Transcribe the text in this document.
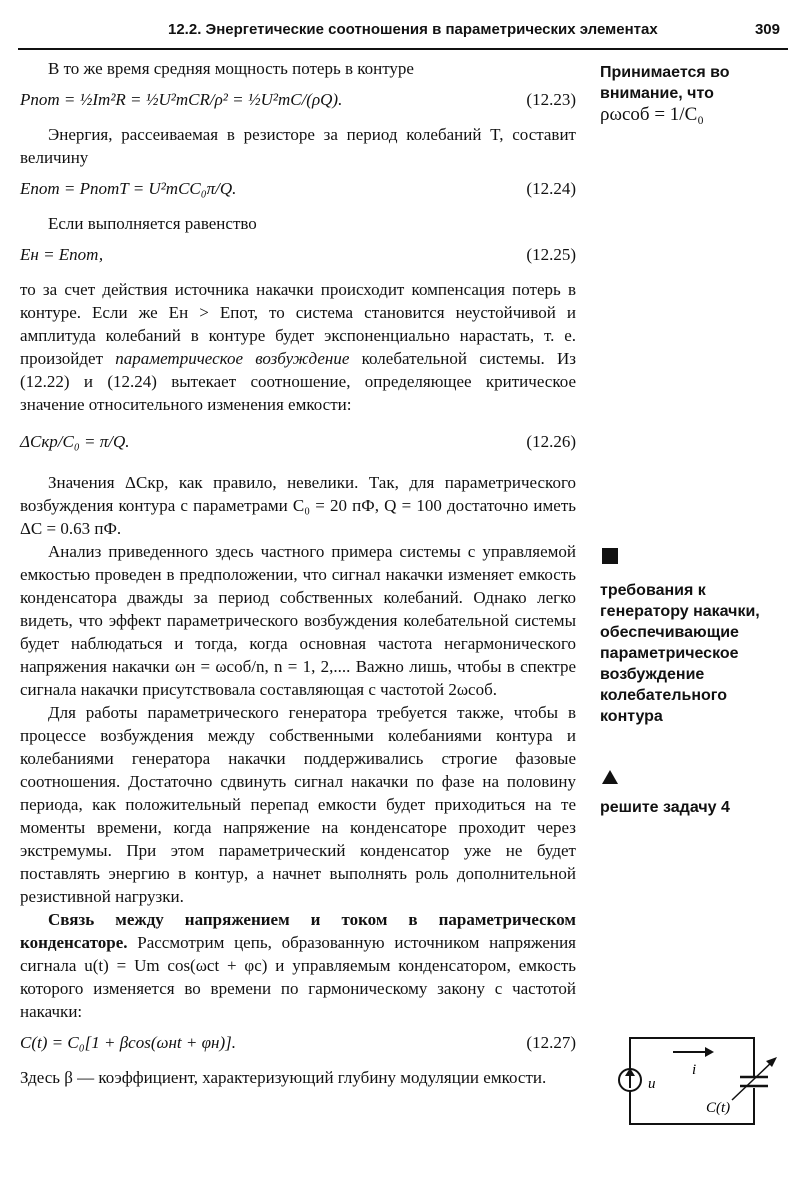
12.2. Энергетические соотношения в параметрических элементах	309

В то же время средняя мощность потерь в контуре

Pпот = ½Im²R = ½U²mCR/ρ² = ½U²mC/(ρQ).	(12.23)

Энергия, рассеиваемая в резисторе за период колебаний T, составит величину

Eпот = PпотT = U²mCC₀π/Q.	(12.24)

Если выполняется равенство

Eн = Eпот,	(12.25)

то за счет действия источника накачки происходит компенсация потерь в контуре. Если же Eн > Eпот, то система становится неустойчивой и амплитуда колебаний в контуре будет экспоненциально нарастать, т. е. произойдет параметрическое возбуждение колебательной системы. Из (12.22) и (12.24) вытекает соотношение, определяющее критическое значение относительного изменения емкости:

ΔCкр/C₀ = π/Q.	(12.26)

Значения ΔCкр, как правило, невелики. Так, для параметрического возбуждения контура с параметрами C₀ = 20 пФ, Q = 100 достаточно иметь ΔC = 0.63 пФ.

Анализ приведенного здесь частного примера системы с управляемой емкостью проведен в предположении, что сигнал накачки изменяет емкость конденсатора дважды за период собственных колебаний. Однако легко видеть, что эффект параметрического возбуждения колебательной системы будет наблюдаться и тогда, когда основная частота негармонического напряжения накачки ωн = ωсоб/n, n = 1, 2,.... Важно лишь, чтобы в спектре сигнала накачки присутствовала составляющая с частотой 2ωсоб.

Для работы параметрического генератора требуется также, чтобы в процессе возбуждения между собственными колебаниями контура и колебаниями генератора накачки поддерживались строгие фазовые соотношения. Достаточно сдвинуть сигнал накачки по фазе на половину периода, как положительный перепад емкости будет приходиться на те моменты времени, когда напряжение на конденсаторе проходит через экстремумы. При этом параметрический конденсатор уже не будет поставлять энергию в контур, а начнет выполнять роль дополнительной резистивной нагрузки.

Связь между напряжением и током в параметрическом конденсаторе. Рассмотрим цепь, образованную источником напряжения сигнала u(t) = Um cos(ωct + φc) и управляемым конденсатором, емкость которого изменяется во времени по гармоническому закону с частотой накачки:

C(t) = C₀[1 + βcos(ωнt + φн)].	(12.27)

Здесь β — коэффициент, характеризующий глубину модуляции емкости.

Принимается во внимание, что
ρωсоб = 1/C₀
требования к генератору накачки, обеспечивающие параметрическое возбуждение колебательного контура
решите задачу 4
u
i
C(t)
